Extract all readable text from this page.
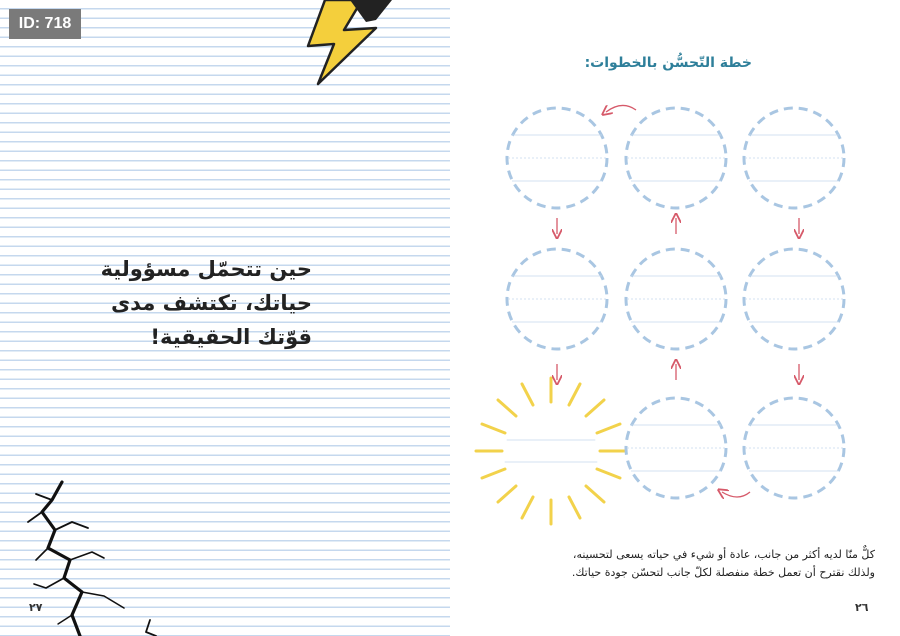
ID: 718
حين تتحمّل مسؤولية
حياتك، تكتشف مدى
قوّتك الحقيقية!
٢٧
خطة التّحسُّن بالخطوات:
كلٌّ منّا لديه أكثر من جانب، عادة أو شيء في حياته يسعى لتحسينه،
ولذلك نقترح أن تعمل خطة منفصلة لكلّ جانب لتحسّن جودة حياتك.
٢٦
